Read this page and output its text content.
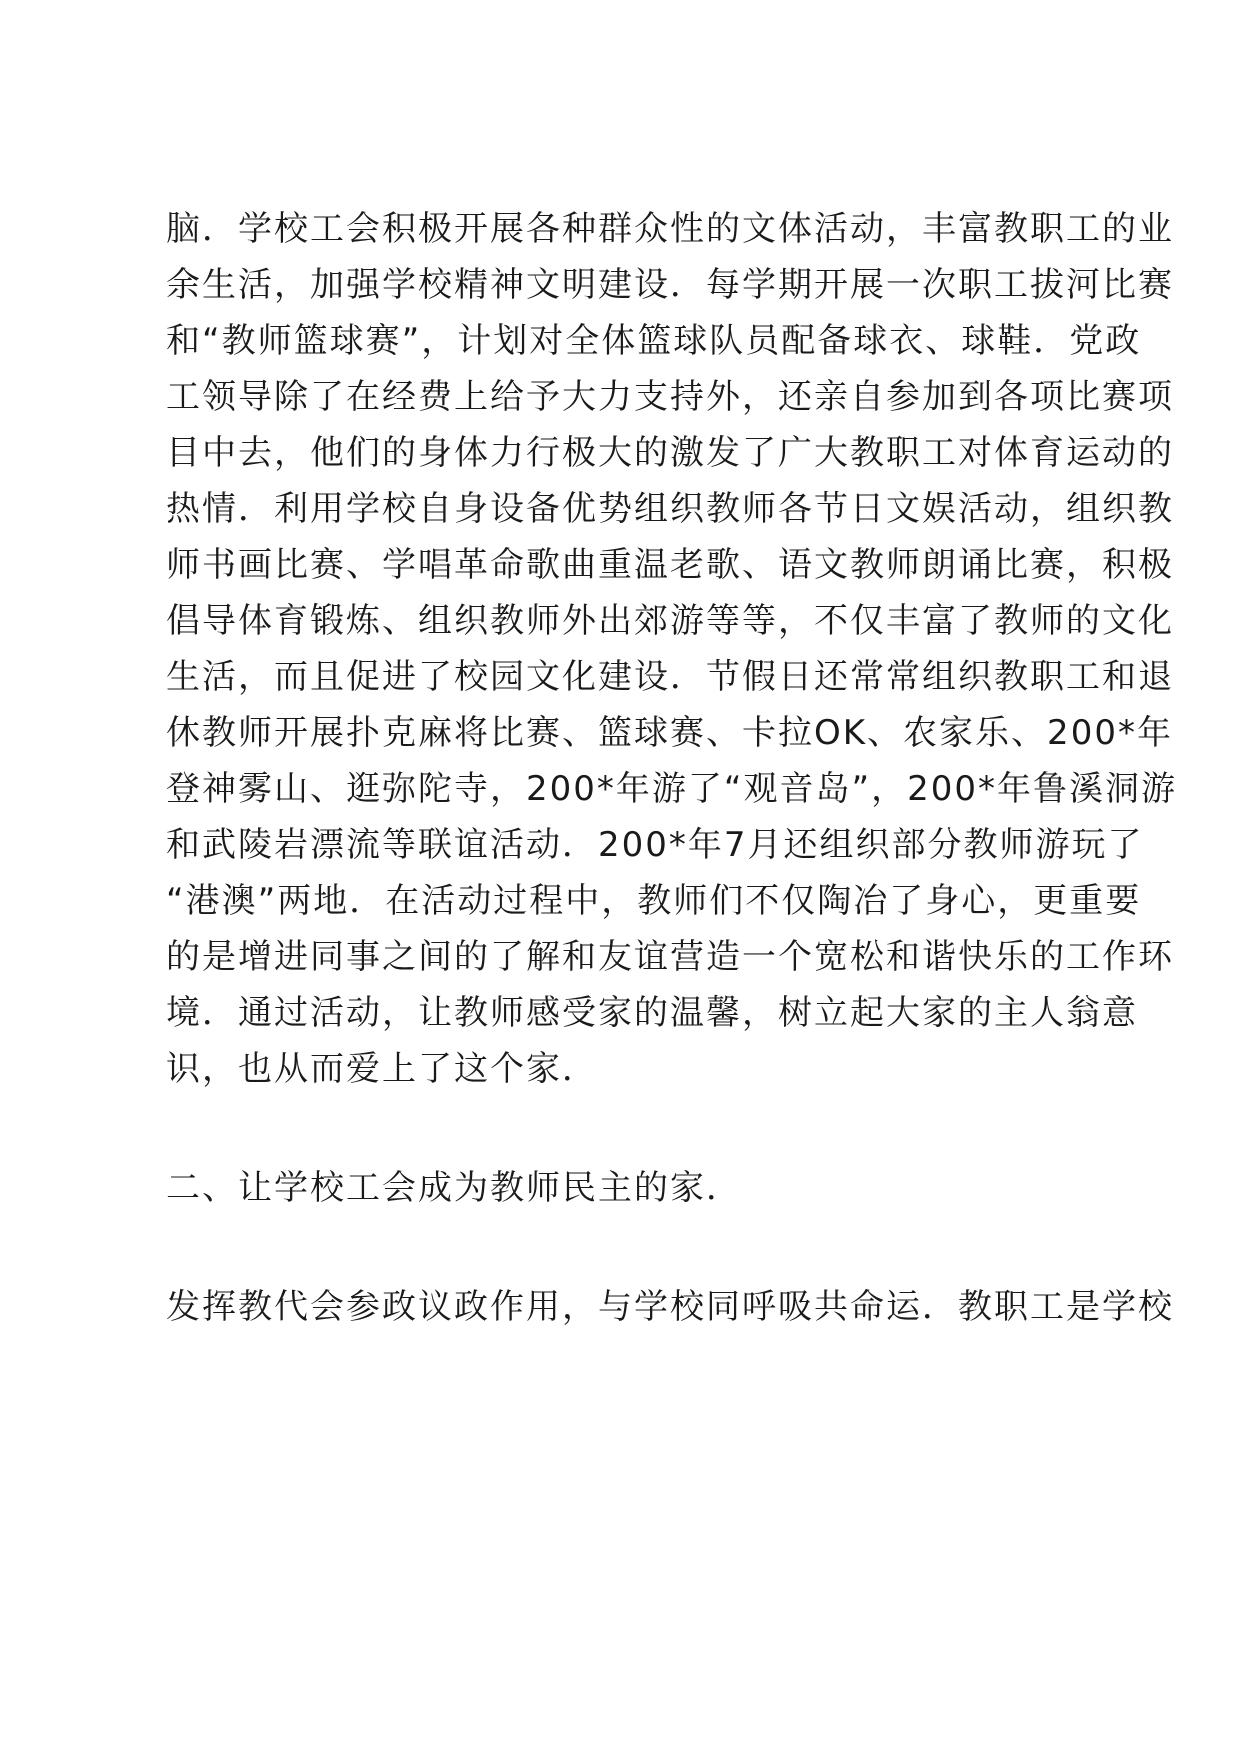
脑．学校工会积极开展各种群众性的文体活动，丰富教职工的业
余生活，加强学校精神文明建设．每学期开展一次职工拔河比赛
和“教师篮球赛”，计划对全体篮球队员配备球衣、球鞋．党政
工领导除了在经费上给予大力支持外，还亲自参加到各项比赛项
目中去，他们的身体力行极大的激发了广大教职工对体育运动的
热情．利用学校自身设备优势组织教师各节日文娱活动，组织教
师书画比赛、学唱革命歌曲重温老歌、语文教师朗诵比赛，积极
倡导体育锻炼、组织教师外出郊游等等，不仅丰富了教师的文化
生活，而且促进了校园文化建设．节假日还常常组织教职工和退
休教师开展扑克麻将比赛、篮球赛、卡拉OK、农家乐、200*年
登神雾山、逛弥陀寺，200*年游了“观音岛”，200*年鲁溪洞游
和武陵岩漂流等联谊活动．200*年7月还组织部分教师游玩了
“港澳”两地．在活动过程中，教师们不仅陶冶了身心，更重要
的是增进同事之间的了解和友谊营造一个宽松和谐快乐的工作环
境．通过活动，让教师感受家的温馨，树立起大家的主人翁意
识，也从而爱上了这个家．
二、让学校工会成为教师民主的家．
发挥教代会参政议政作用，与学校同呼吸共命运．教职工是学校
